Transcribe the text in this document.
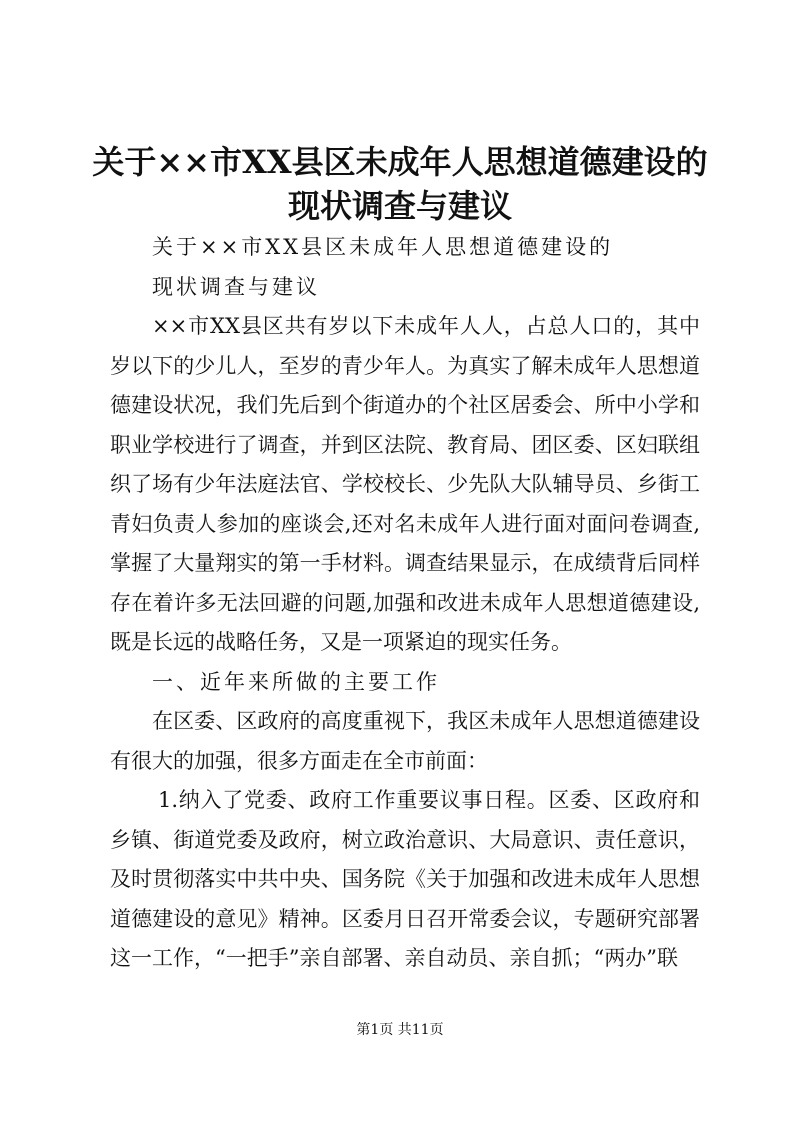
关于××市XX县区未成年人思想道德建设的
现状调查与建议

关于××市XX县区未成年人思想道德建设的

现状调查与建议

××市XX县区共有岁以下未成年人人，占总人口的，其中岁以下的少儿人，至岁的青少年人。为真实了解未成年人思想道德建设状况，我们先后到个街道办的个社区居委会、所中小学和职业学校进行了调查，并到区法院、教育局、团区委、区妇联组织了场有少年法庭法官、学校校长、少先队大队辅导员、乡街工青妇负责人参加的座谈会,还对名未成年人进行面对面问卷调查,掌握了大量翔实的第一手材料。调查结果显示，在成绩背后同样存在着许多无法回避的问题,加强和改进未成年人思想道德建设,既是长远的战略任务，又是一项紧迫的现实任务。

一、近年来所做的主要工作

在区委、区政府的高度重视下，我区未成年人思想道德建设有很大的加强，很多方面走在全市前面：

1.纳入了党委、政府工作重要议事日程。区委、区政府和乡镇、街道党委及政府，树立政治意识、大局意识、责任意识，及时贯彻落实中共中央、国务院《关于加强和改进未成年人思想道德建设的意见》精神。区委月日召开常委会议，专题研究部署这一工作，“一把手”亲自部署、亲自动员、亲自抓；“两办”联

第1页 共11页
